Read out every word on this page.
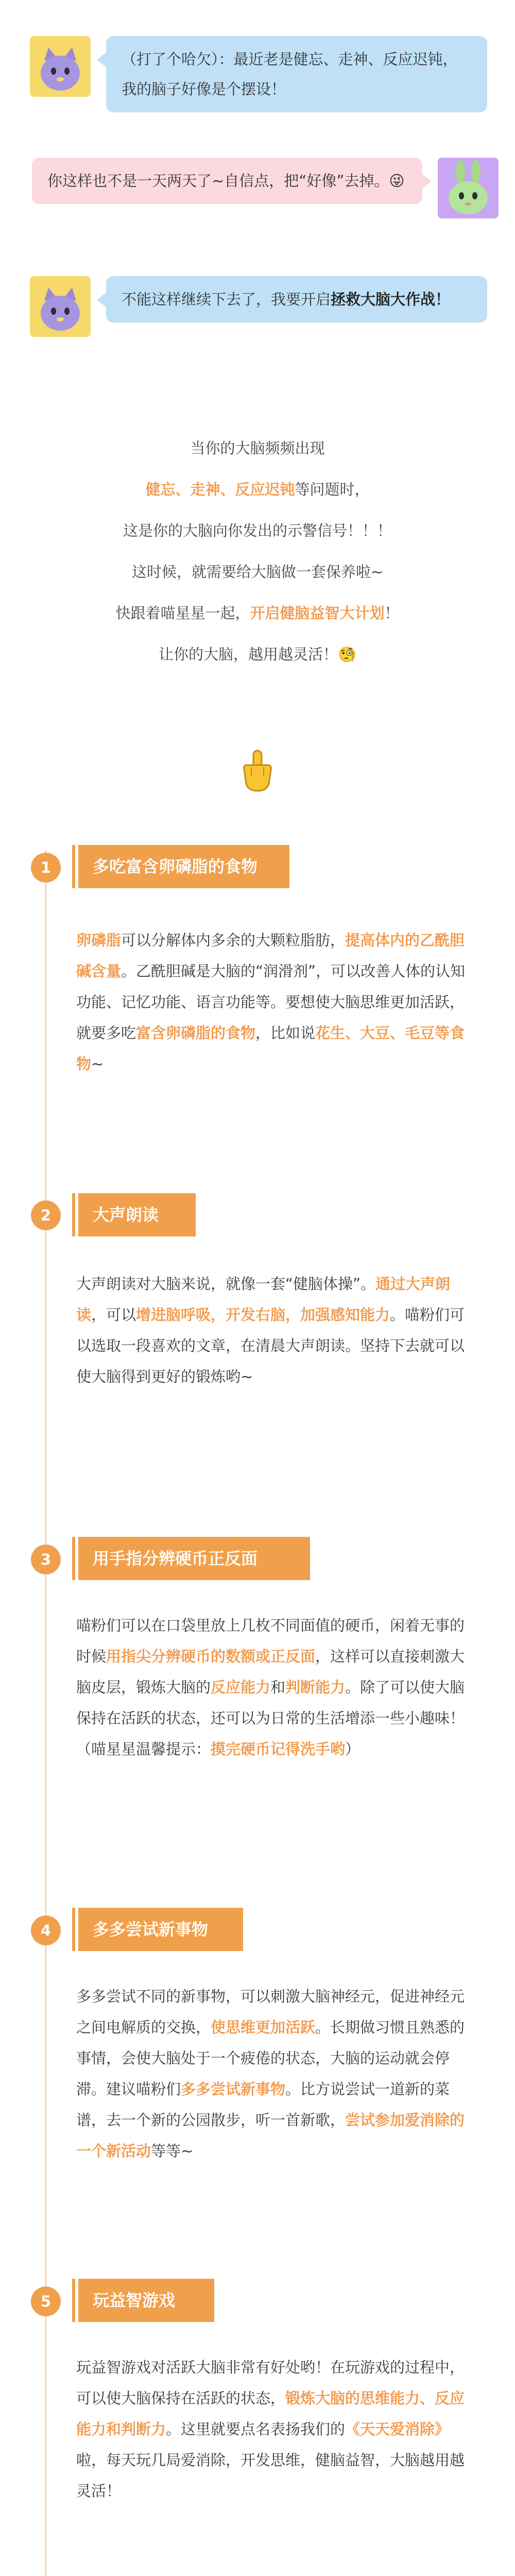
（打了个哈欠）：最近老是健忘、走神、反应迟钝，我的脑子好像是个摆设！
你这样也不是一天两天了~自信点，把“好像”去掉。😜
不能这样继续下去了，我要开启拯救大脑大作战！

当你的大脑频频出现

健忘、走神、反应迟钝等问题时，

这是你的大脑向你发出的示警信号！！！

这时候，就需要给大脑做一套保养啦~

快跟着喵星星一起，开启健脑益智大计划！

让你的大脑，越用越灵活！🧐

1	多吃富含卵磷脂的食物

卵磷脂可以分解体内多余的大颗粒脂肪，提高体内的乙酰胆碱含量。乙酰胆碱是大脑的“润滑剂”，可以改善人体的认知功能、记忆功能、语言功能等。要想使大脑思维更加活跃，就要多吃富含卵磷脂的食物，比如说花生、大豆、毛豆等食物~

2	大声朗读

大声朗读对大脑来说，就像一套“健脑体操”。通过大声朗读，可以增进脑呼吸，开发右脑，加强感知能力。喵粉们可以选取一段喜欢的文章，在清晨大声朗读。坚持下去就可以使大脑得到更好的锻炼哟~

3	用手指分辨硬币正反面

喵粉们可以在口袋里放上几枚不同面值的硬币，闲着无事的时候用指尖分辨硬币的数额或正反面，这样可以直接刺激大脑皮层，锻炼大脑的反应能力和判断能力。除了可以使大脑保持在活跃的状态，还可以为日常的生活增添一些小趣味！（喵星星温馨提示：摸完硬币记得洗手哟）

4	多多尝试新事物

多多尝试不同的新事物，可以刺激大脑神经元，促进神经元之间电解质的交换，使思维更加活跃。长期做习惯且熟悉的事情，会使大脑处于一个疲倦的状态，大脑的运动就会停滞。建议喵粉们多多尝试新事物。比方说尝试一道新的菜谱，去一个新的公园散步，听一首新歌，尝试参加爱消除的一个新活动等等~

5	玩益智游戏

玩益智游戏对活跃大脑非常有好处哟！在玩游戏的过程中，可以使大脑保持在活跃的状态，锻炼大脑的思维能力、反应能力和判断力。这里就要点名表扬我们的《天天爱消除》啦，每天玩几局爱消除，开发思维，健脑益智，大脑越用越灵活！
